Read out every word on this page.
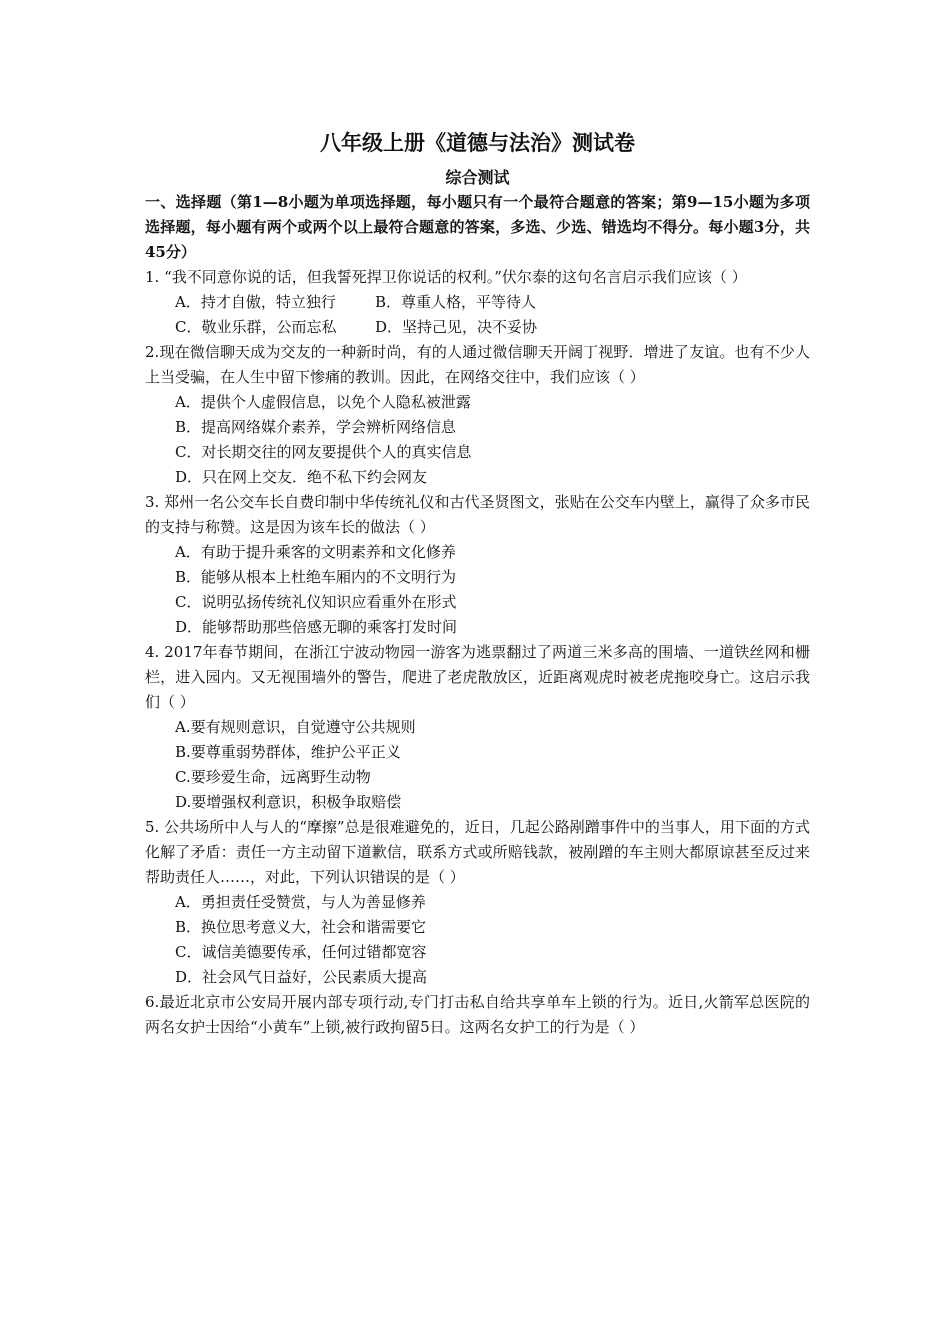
八年级上册《道德与法治》测试卷
综合测试

一、选择题（第1—8小题为单项选择题，每小题只有一个最符合题意的答案；第9—15小题为多项选择题，每小题有两个或两个以上最符合题意的答案，多选、少选、错选均不得分。每小题3分，共45分）

1. “我不同意你说的话，但我誓死捍卫你说话的权利。”伏尔泰的这句名言启示我们应该（ ）

A．持才自傲，特立独行	B．尊重人格，平等待人
C．敬业乐群，公而忘私	D．坚持己见，决不妥协

2.现在微信聊天成为交友的一种新时尚，有的人通过微信聊天开阔丁视野．增进了友谊。也有不少人上当受骗，在人生中留下惨痛的教训。因此，在网络交往中，我们应该（ ）

A．提供个人虚假信息，以免个人隐私被泄露

B．提高网络媒介素养，学会辨析网络信息

C．对长期交往的网友要提供个人的真实信息

D．只在网上交友．绝不私下约会网友

3. 郑州一名公交车长自费印制中华传统礼仪和古代圣贤图文，张贴在公交车内壁上，赢得了众多市民的支持与称赞。这是因为该车长的做法（ ）

A．有助于提升乘客的文明素养和文化修养

B．能够从根本上杜绝车厢内的不文明行为

C．说明弘扬传统礼仪知识应看重外在形式

D．能够帮助那些倍感无聊的乘客打发时间

4. 2017年春节期间，在浙江宁波动物园一游客为逃票翻过了两道三米多高的围墙、一道铁丝网和栅栏，进入园内。又无视围墙外的警告，爬进了老虎散放区，近距离观虎时被老虎拖咬身亡。这启示我们（ ）

A.要有规则意识，自觉遵守公共规则

B.要尊重弱势群体，维护公平正义

C.要珍爱生命，远离野生动物

D.要增强权利意识，积极争取赔偿

5. 公共场所中人与人的“摩擦”总是很难避免的，近日，几起公路剐蹭事件中的当事人，用下面的方式化解了矛盾：责任一方主动留下道歉信，联系方式或所赔钱款，被剐蹭的车主则大都原谅甚至反过来帮助责任人……，对此，下列认识错误的是（ ）

A．勇担责任受赞赏，与人为善显修养

B．换位思考意义大，社会和谐需要它

C．诚信美德要传承，任何过错都宽容

D．社会风气日益好，公民素质大提高

6.最近北京市公安局开展内部专项行动,专门打击私自给共享单车上锁的行为。近日,火箭军总医院的两名女护士因给“小黄车”上锁,被行政拘留5日。这两名女护工的行为是（ ）
